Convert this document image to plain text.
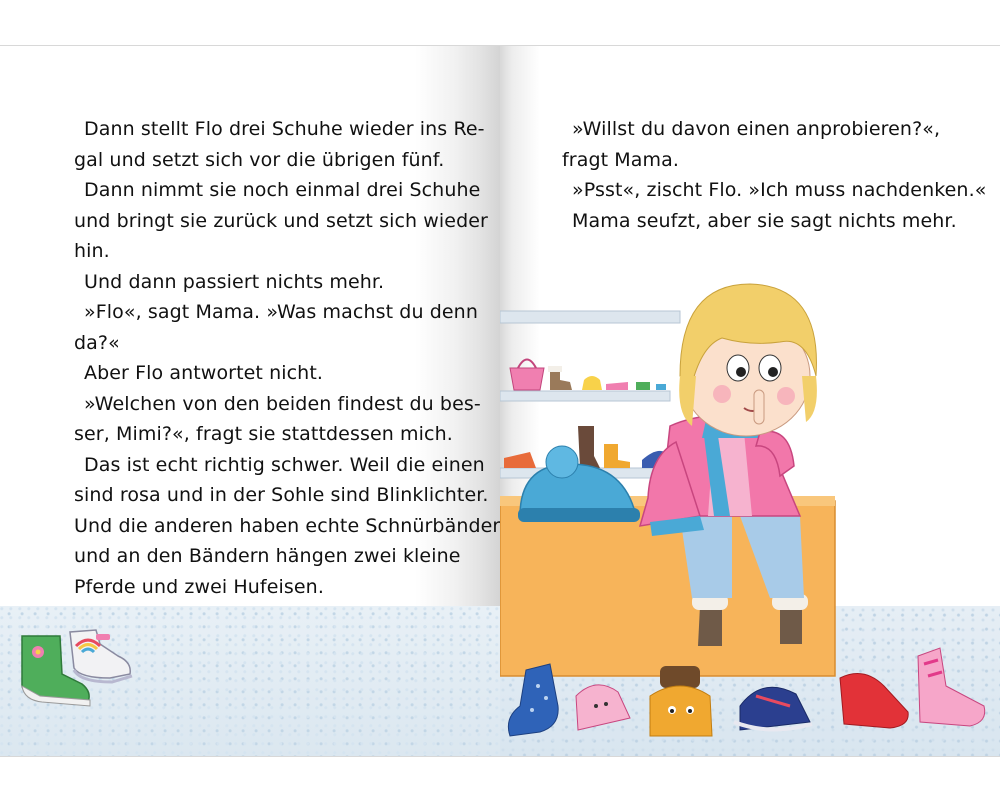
Dann stellt Flo drei Schuhe wieder ins Re-
gal und setzt sich vor die übrigen fünf.
Dann nimmt sie noch einmal drei Schuhe
und bringt sie zurück und setzt sich wieder
hin.
Und dann passiert nichts mehr.
»Flo«, sagt Mama. »Was machst du denn
da?«
Aber Flo antwortet nicht.
»Welchen von den beiden findest du bes-
ser, Mimi?«, fragt sie stattdessen mich.
Das ist echt richtig schwer. Weil die einen
sind rosa und in der Sohle sind Blinklichter.
Und die anderen haben echte Schnürbänder
und an den Bändern hängen zwei kleine
Pferde und zwei Hufeisen.
»Willst du davon einen anprobieren?«,
fragt Mama.
»Psst«, zischt Flo. »Ich muss nachdenken.«
Mama seufzt, aber sie sagt nichts mehr.
